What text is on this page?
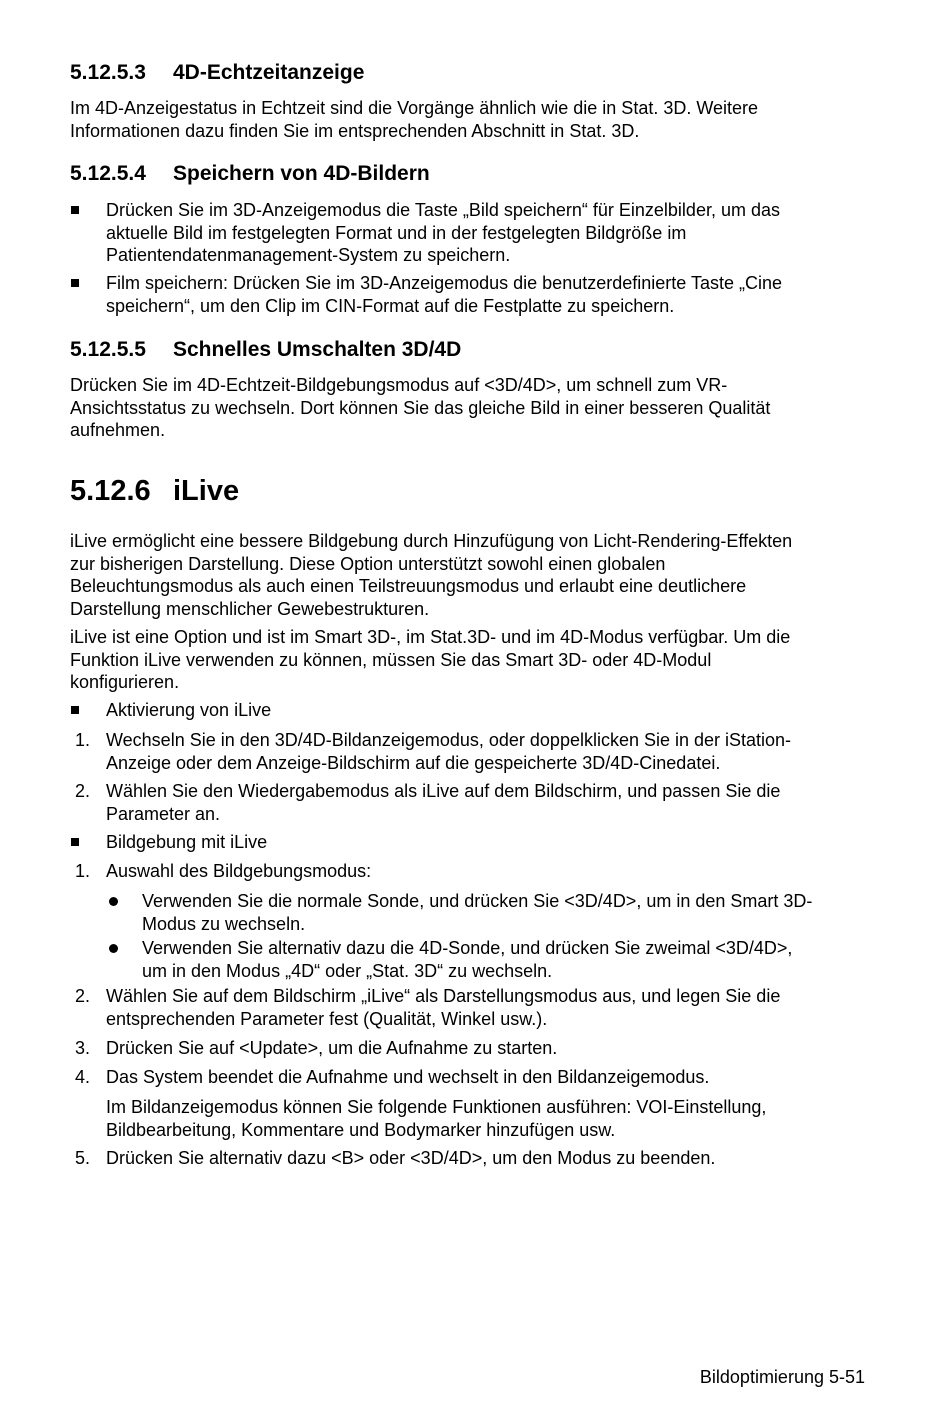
5.12.5.3 4D-Echtzeitanzeige
Im 4D-Anzeigestatus in Echtzeit sind die Vorgänge ähnlich wie die in Stat. 3D. Weitere
Informationen dazu finden Sie im entsprechenden Abschnitt in Stat. 3D.
5.12.5.4 Speichern von 4D-Bildern
Drücken Sie im 3D-Anzeigemodus die Taste „Bild speichern“ für Einzelbilder, um das
aktuelle Bild im festgelegten Format und in der festgelegten Bildgröße im
Patientendatenmanagement-System zu speichern.
Film speichern: Drücken Sie im 3D-Anzeigemodus die benutzerdefinierte Taste „Cine
speichern“, um den Clip im CIN-Format auf die Festplatte zu speichern.
5.12.5.5 Schnelles Umschalten 3D/4D
Drücken Sie im 4D-Echtzeit-Bildgebungsmodus auf <3D/4D>, um schnell zum VR-
Ansichtsstatus zu wechseln. Dort können Sie das gleiche Bild in einer besseren Qualität
aufnehmen.
5.12.6 iLive
iLive ermöglicht eine bessere Bildgebung durch Hinzufügung von Licht-Rendering-Effekten
zur bisherigen Darstellung. Diese Option unterstützt sowohl einen globalen
Beleuchtungsmodus als auch einen Teilstreuungsmodus und erlaubt eine deutlichere
Darstellung menschlicher Gewebestrukturen.
iLive ist eine Option und ist im Smart 3D-, im Stat.3D- und im 4D-Modus verfügbar. Um die
Funktion iLive verwenden zu können, müssen Sie das Smart 3D- oder 4D-Modul
konfigurieren.
Aktivierung von iLive
1. Wechseln Sie in den 3D/4D-Bildanzeigemodus, oder doppelklicken Sie in der iStation-
Anzeige oder dem Anzeige-Bildschirm auf die gespeicherte 3D/4D-Cinedatei.
2. Wählen Sie den Wiedergabemodus als iLive auf dem Bildschirm, und passen Sie die
Parameter an.
Bildgebung mit iLive
1. Auswahl des Bildgebungsmodus:
Verwenden Sie die normale Sonde, und drücken Sie <3D/4D>, um in den Smart 3D-
Modus zu wechseln.
Verwenden Sie alternativ dazu die 4D-Sonde, und drücken Sie zweimal <3D/4D>,
um in den Modus „4D“ oder „Stat. 3D“ zu wechseln.
2. Wählen Sie auf dem Bildschirm „iLive“ als Darstellungsmodus aus, und legen Sie die
entsprechenden Parameter fest (Qualität, Winkel usw.).
3. Drücken Sie auf <Update>, um die Aufnahme zu starten.
4. Das System beendet die Aufnahme und wechselt in den Bildanzeigemodus.
Im Bildanzeigemodus können Sie folgende Funktionen ausführen: VOI-Einstellung,
Bildbearbeitung, Kommentare und Bodymarker hinzufügen usw.
5. Drücken Sie alternativ dazu <B> oder <3D/4D>, um den Modus zu beenden.
Bildoptimierung 5-51
